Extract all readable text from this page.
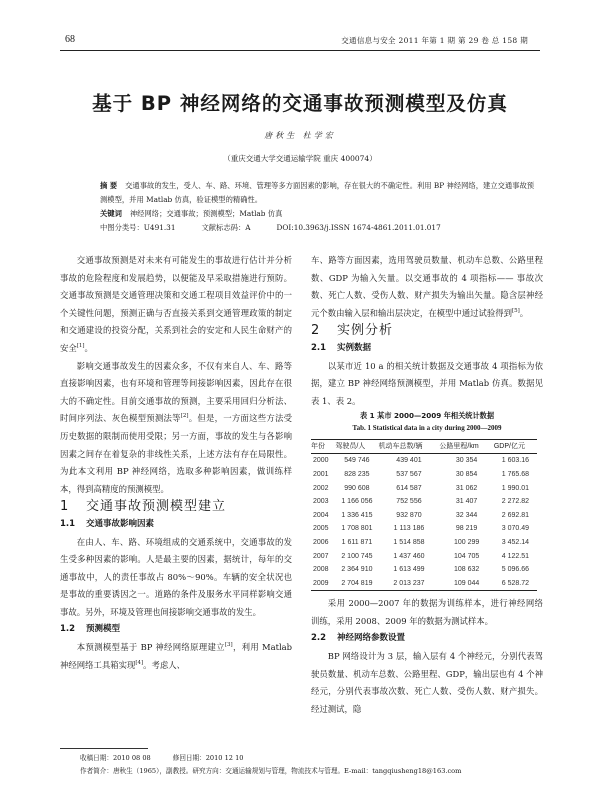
68	交通信息与安全 2011 年第 1 期 第 29 卷 总 158 期
基于 BP 神经网络的交通事故预测模型及仿真
唐秋生 杜学宏
（重庆交通大学交通运输学院 重庆 400074）
摘 要 交通事故的发生，受人、车、路、环境、管理等多方面因素的影响，存在很大的不确定性。利用 BP 神经网络，建立交通事故预测模型，并用 Matlab 仿真，验证模型的精确性。
关键词 神经网络；交通事故；预测模型；Matlab 仿真
中图分类号：U491.31	文献标志码：A	DOI:10.3963/j.ISSN 1674-4861.2011.01.017

交通事故预测是对未来有可能发生的事故进行估计并分析事故的危险程度和发展趋势，以便能及早采取措施进行预防。交通事故预测是交通管理决策和交通工程项目效益评价中的一个关键性问题，预测正确与否直接关系到交通管理政策的制定和交通建设的投资分配，关系到社会的安定和人民生命财产的安全[1]。

影响交通事故发生的因素众多，不仅有来自人、车、路等直接影响因素，也有环境和管理等间接影响因素，因此存在很大的不确定性。目前交通事故的预测，主要采用回归分析法、时间序列法、灰色模型预测法等[2]。但是，一方面这些方法受历史数据的限制而使用受限；另一方面，事故的发生与各影响因素之间存在着复杂的非线性关系，上述方法有存在局限性。为此本文利用 BP 神经网络，选取多种影响因素，做训练样本，得到高精度的预测模型。

1 交通事故预测模型建立

1.1 交通事故影响因素

在由人、车、路、环境组成的交通系统中，交通事故的发生受多种因素的影响。人是最主要的因素，据统计，每年的交通事故中，人的责任事故占 80%～90%。车辆的安全状况也是事故的重要诱因之一。道路的条件及服务水平同样影响交通事故。另外，环境及管理也间接影响交通事故的发生。

1.2 预测模型

本预测模型基于 BP 神经网络原理建立[3]，利用 Matlab 神经网络工具箱实现[4]。考虑人、

车、路等方面因素，选用驾驶员数量、机动车总数、公路里程数、GDP 为输入矢量。以交通事故的 4 项指标—— 事故次数、死亡人数、受伤人数、财产损失为输出矢量。隐含层神经元个数由输入层和输出层决定，在模型中通过试验得到[5]。

2 实例分析

2.1 实例数据

以某市近 10 a 的相关统计数据及交通事故 4 项指标为依据，建立 BP 神经网络预测模型，并用 Matlab 仿真。数据见表 1、表 2。

表 1 某市 2000—2009 年相关统计数据
Tab. 1 Statistical data in a city during 2000—2009
年份	驾驶员/人	机动车总数/辆	公路里程/km	GDP/亿元
2000	549 746	439 401	30 354	1 603.16
2001	828 235	537 567	30 854	1 765.68
2002	990 608	614 587	31 062	1 990.01
2003	1 166 056	752 556	31 407	2 272.82
2004	1 336 415	932 870	32 344	2 692.81
2005	1 708 801	1 113 186	98 219	3 070.49
2006	1 611 871	1 514 858	100 299	3 452.14
2007	2 100 745	1 437 460	104 705	4 122.51
2008	2 364 910	1 613 499	108 632	5 096.66
2009	2 704 819	2 013 237	109 044	6 528.72

采用 2000—2007 年的数据为训练样本，进行神经网络训练，采用 2008、2009 年的数据为测试样本。

2.2 神经网络参数设置

BP 网络设计为 3 层，输入层有 4 个神经元，分别代表驾驶员数量、机动车总数、公路里程、GDP，输出层也有 4 个神经元，分别代表事故次数、死亡人数、受伤人数、财产损失。经过测试，隐

收稿日期：2010 08 08	修回日期：2010 12 10
作者简介：唐秋生（1965），副教授。研究方向：交通运输规划与管理，物流技术与管理。E-mail：tangqiusheng18@163.com
